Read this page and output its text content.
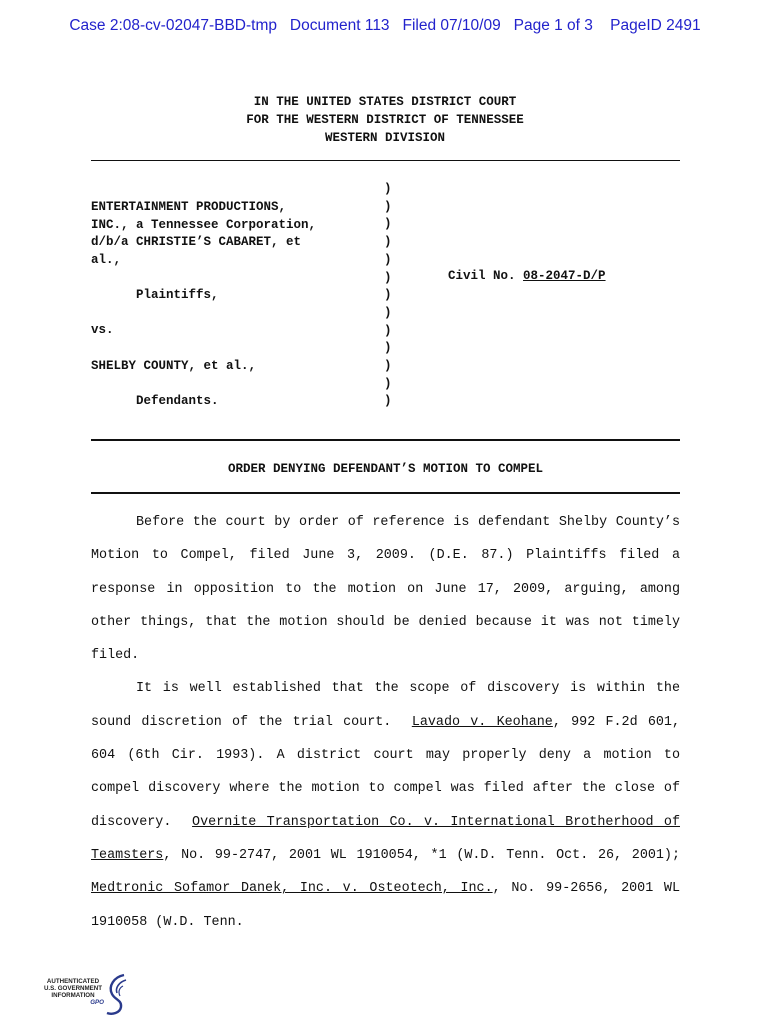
Case 2:08-cv-02047-BBD-tmp   Document 113   Filed 07/10/09   Page 1 of 3    PageID 2491
IN THE UNITED STATES DISTRICT COURT
FOR THE WESTERN DISTRICT OF TENNESSEE
WESTERN DIVISION
ENTERTAINMENT PRODUCTIONS,
INC., a Tennessee Corporation,
d/b/a CHRISTIE’S CABARET, et
al.,
Plaintiffs,
vs.
SHELBY COUNTY, et al.,
Defendants.
)
)
)
)
)
)
)
)
)
)
)
)
)
Civil No. 08-2047-D/P
ORDER DENYING DEFENDANT’S MOTION TO COMPEL

Before the court by order of reference is defendant Shelby County’s Motion to Compel, filed June 3, 2009. (D.E. 87.) Plaintiffs filed a response in opposition to the motion on June 17, 2009, arguing, among other things, that the motion should be denied because it was not timely filed.

It is well established that the scope of discovery is within the sound discretion of the trial court. Lavado v. Keohane, 992 F.2d 601, 604 (6th Cir. 1993). A district court may properly deny a motion to compel discovery where the motion to compel was filed after the close of discovery. Overnite Transportation Co. v. International Brotherhood of Teamsters, No. 99-2747, 2001 WL 1910054, *1 (W.D. Tenn. Oct. 26, 2001); Medtronic Sofamor Danek, Inc. v. Osteotech, Inc., No. 99-2656, 2001 WL 1910058 (W.D. Tenn.

AUTHENTICATED
U.S. GOVERNMENT
INFORMATION
GPO
